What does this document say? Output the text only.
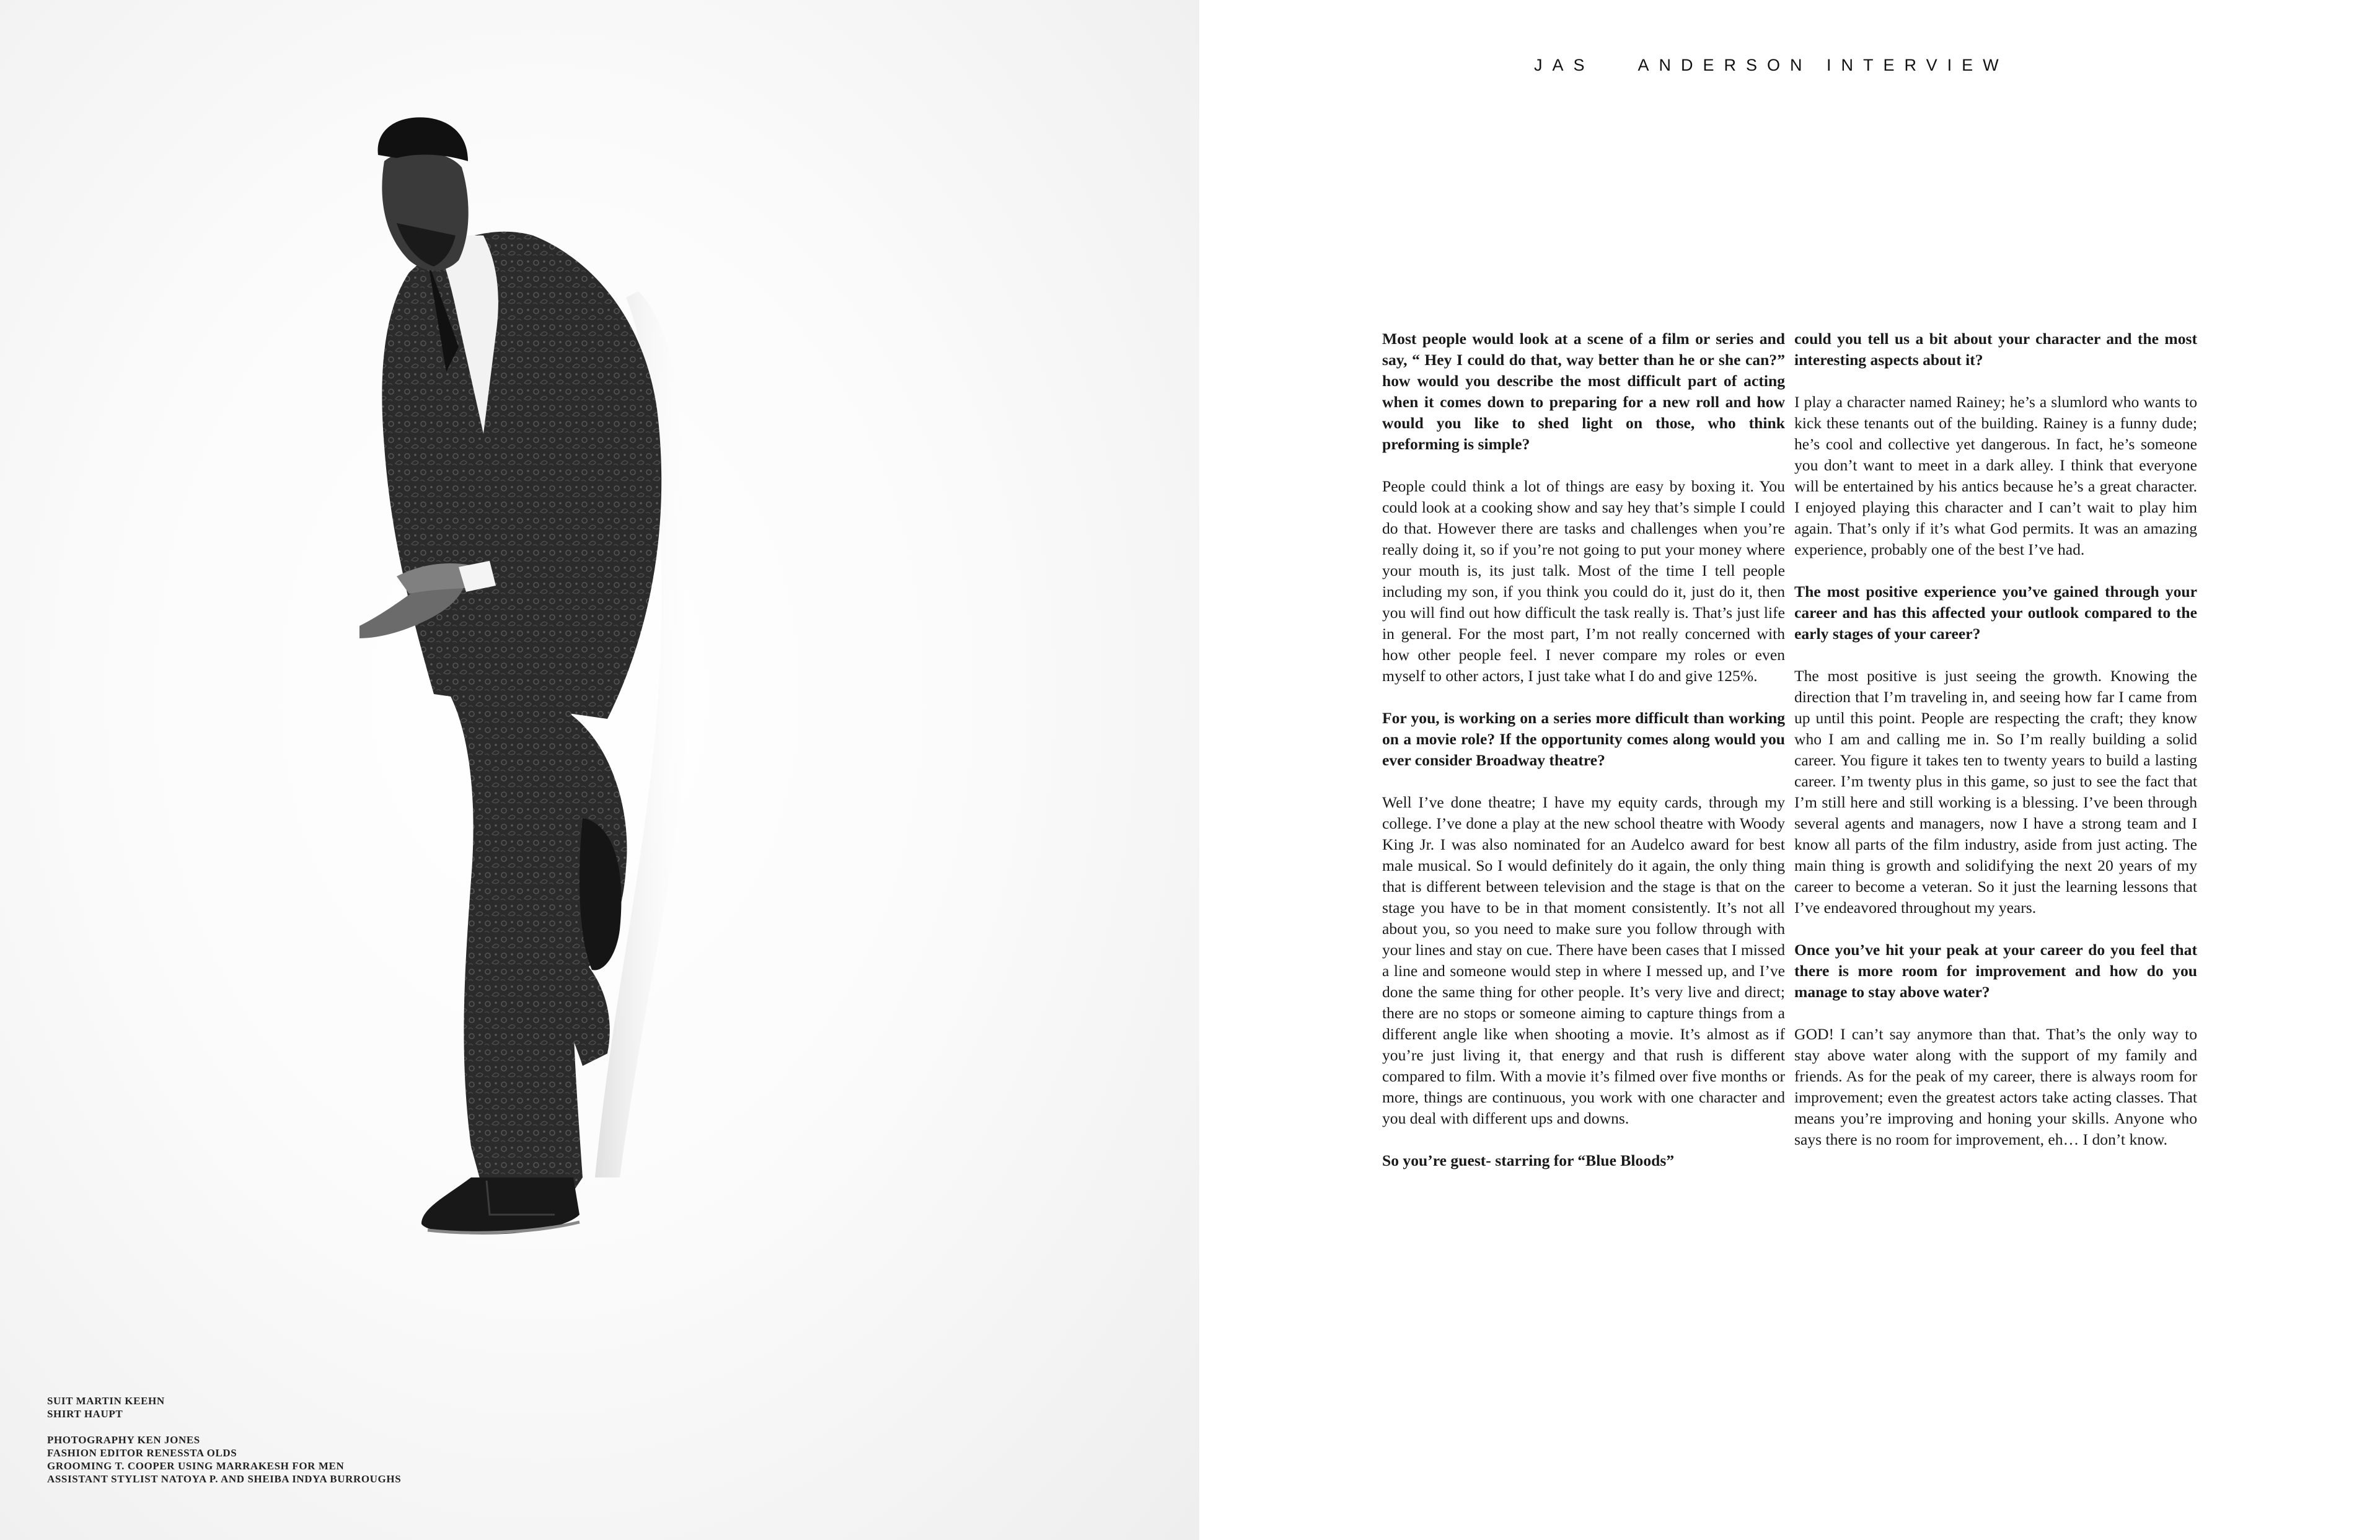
SUIT MARTIN KEEHN
SHIRT HAUPT
PHOTOGRAPHY KEN JONES
FASHION EDITOR RENESSTA OLDS
GROOMING T. COOPER USING MARRAKESH FOR MEN
ASSISTANT STYLIST NATOYA P. AND SHEIBA INDYA BURROUGHS
JAS	ANDERSON INTERVIEW

Most people would look at a scene of a film or series and say, “ Hey I could do that, way better than he or she can?” how would you describe the most difficult part of acting when it comes down to preparing for a new roll and how would you like to shed light on those, who think preforming is simple?

People could think a lot of things are easy by boxing it. You could look at a cooking show and say hey that’s simple I could do that. However there are tasks and challenges when you’re really doing it, so if you’re not going to put your money where your mouth is, its just talk. Most of the time I tell people including my son, if you think you could do it, just do it, then you will find out how difficult the task really is. That’s just life in general. For the most part, I’m not really concerned with how other people feel. I never compare my roles or even myself to other actors, I just take what I do and give 125%.

For you, is working on a series more difficult than working on a movie role? If the opportunity comes along would you ever consider Broadway theatre?

Well I’ve done theatre; I have my equity cards, through my college. I’ve done a play at the new school theatre with Woody King Jr. I was also nominated for an Audelco award for best male musical. So I would definitely do it again, the only thing that is different between television and the stage is that on the stage you have to be in that moment consistently. It’s not all about you, so you need to make sure you follow through with your lines and stay on cue. There have been cases that I missed a line and someone would step in where I messed up, and I’ve done the same thing for other people. It’s very live and direct; there are no stops or someone aiming to capture things from a different angle like when shooting a movie. It’s almost as if you’re just living it, that energy and that rush is different compared to film. With a movie it’s filmed over five months or more, things are continuous, you work with one character and you deal with different ups and downs.

So you’re guest- starring for “Blue Bloods”

could you tell us a bit about your character and the most interesting aspects about it?

I play a character named Rainey; he’s a slumlord who wants to kick these tenants out of the building. Rainey is a funny dude; he’s cool and collective yet dangerous. In fact, he’s someone you don’t want to meet in a dark alley. I think that everyone will be entertained by his antics because he’s a great character. I enjoyed playing this character and I can’t wait to play him again. That’s only if it’s what God permits. It was an amazing experience, probably one of the best I’ve had.

The most positive experience you’ve gained through your career and has this affected your outlook compared to the early stages of your career?

The most positive is just seeing the growth. Knowing the direction that I’m traveling in, and seeing how far I came from up until this point. People are respecting the craft; they know who I am and calling me in. So I’m really building a solid career. You figure it takes ten to twenty years to build a lasting career. I’m twenty plus in this game, so just to see the fact that I’m still here and still working is a blessing. I’ve been through several agents and managers, now I have a strong team and I know all parts of the film industry, aside from just acting. The main thing is growth and solidifying the next 20 years of my career to become a veteran. So it just the learning lessons that I’ve endeavored throughout my years.

Once you’ve hit your peak at your career do you feel that there is more room for improvement and how do you manage to stay above water?

GOD! I can’t say anymore than that. That’s the only way to stay above water along with the support of my family and friends. As for the peak of my career, there is always room for improvement; even the greatest actors take acting classes. That means you’re improving and honing your skills. Anyone who says there is no room for improvement, eh… I don’t know.
